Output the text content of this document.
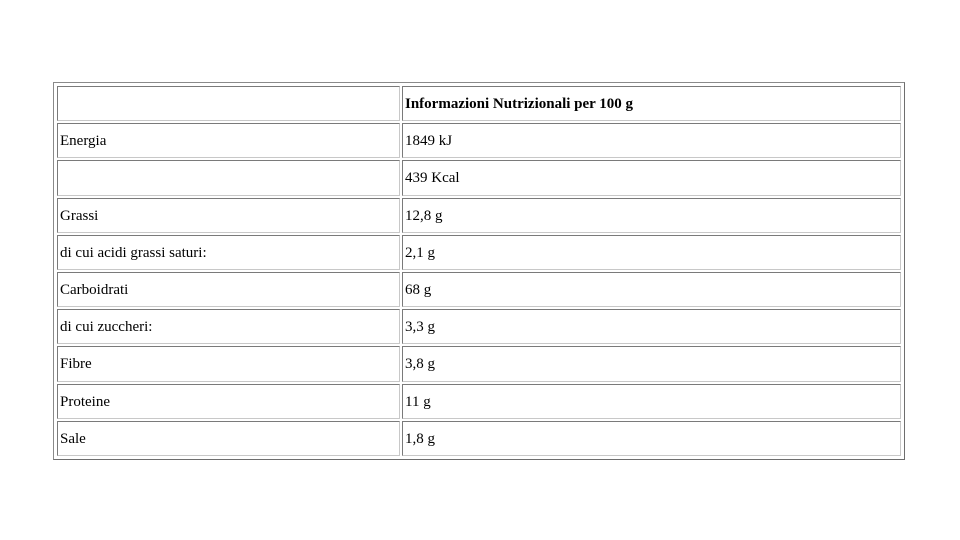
	Informazioni Nutrizionali per 100 g
Energia	1849 kJ
	439 Kcal
Grassi	12,8 g
di cui acidi grassi saturi:	2,1 g
Carboidrati	68 g
di cui zuccheri:	3,3 g
Fibre	3,8 g
Proteine	11 g
Sale	1,8 g
